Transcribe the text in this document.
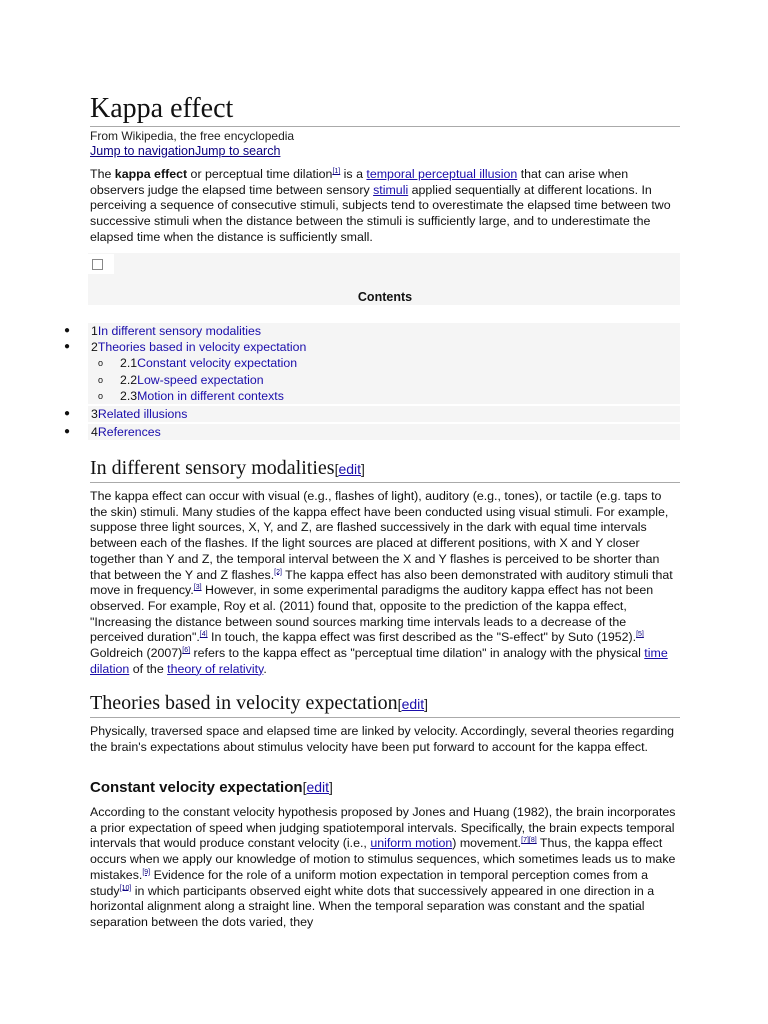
Kappa effect
From Wikipedia, the free encyclopedia
Jump to navigationJump to search

The kappa effect or perceptual time dilation[1] is a temporal perceptual illusion that can arise when observers judge the elapsed time between sensory stimuli applied sequentially at different locations. In perceiving a sequence of consecutive stimuli, subjects tend to overestimate the elapsed time between two successive stimuli when the distance between the stimuli is sufficiently large, and to underestimate the elapsed time when the distance is sufficiently small.

Contents
● 1In different sensory modalities
● 2Theories based in velocity expectation
o 2.1Constant velocity expectation
o 2.2Low-speed expectation
o 2.3Motion in different contexts
● 3Related illusions
● 4References
In different sensory modalities[edit]

The kappa effect can occur with visual (e.g., flashes of light), auditory (e.g., tones), or tactile (e.g. taps to the skin) stimuli. Many studies of the kappa effect have been conducted using visual stimuli. For example, suppose three light sources, X, Y, and Z, are flashed successively in the dark with equal time intervals between each of the flashes. If the light sources are placed at different positions, with X and Y closer together than Y and Z, the temporal interval between the X and Y flashes is perceived to be shorter than that between the Y and Z flashes.[2] The kappa effect has also been demonstrated with auditory stimuli that move in frequency.[3] However, in some experimental paradigms the auditory kappa effect has not been observed. For example, Roy et al. (2011) found that, opposite to the prediction of the kappa effect, "Increasing the distance between sound sources marking time intervals leads to a decrease of the perceived duration".[4] In touch, the kappa effect was first described as the "S-effect" by Suto (1952).[5] Goldreich (2007)[6] refers to the kappa effect as "perceptual time dilation" in analogy with the physical time dilation of the theory of relativity.

Theories based in velocity expectation[edit]

Physically, traversed space and elapsed time are linked by velocity. Accordingly, several theories regarding the brain's expectations about stimulus velocity have been put forward to account for the kappa effect.

Constant velocity expectation[edit]

According to the constant velocity hypothesis proposed by Jones and Huang (1982), the brain incorporates a prior expectation of speed when judging spatiotemporal intervals. Specifically, the brain expects temporal intervals that would produce constant velocity (i.e., uniform motion) movement.[7][8] Thus, the kappa effect occurs when we apply our knowledge of motion to stimulus sequences, which sometimes leads us to make mistakes.[9] Evidence for the role of a uniform motion expectation in temporal perception comes from a study[10] in which participants observed eight white dots that successively appeared in one direction in a horizontal alignment along a straight line. When the temporal separation was constant and the spatial separation between the dots varied, they
